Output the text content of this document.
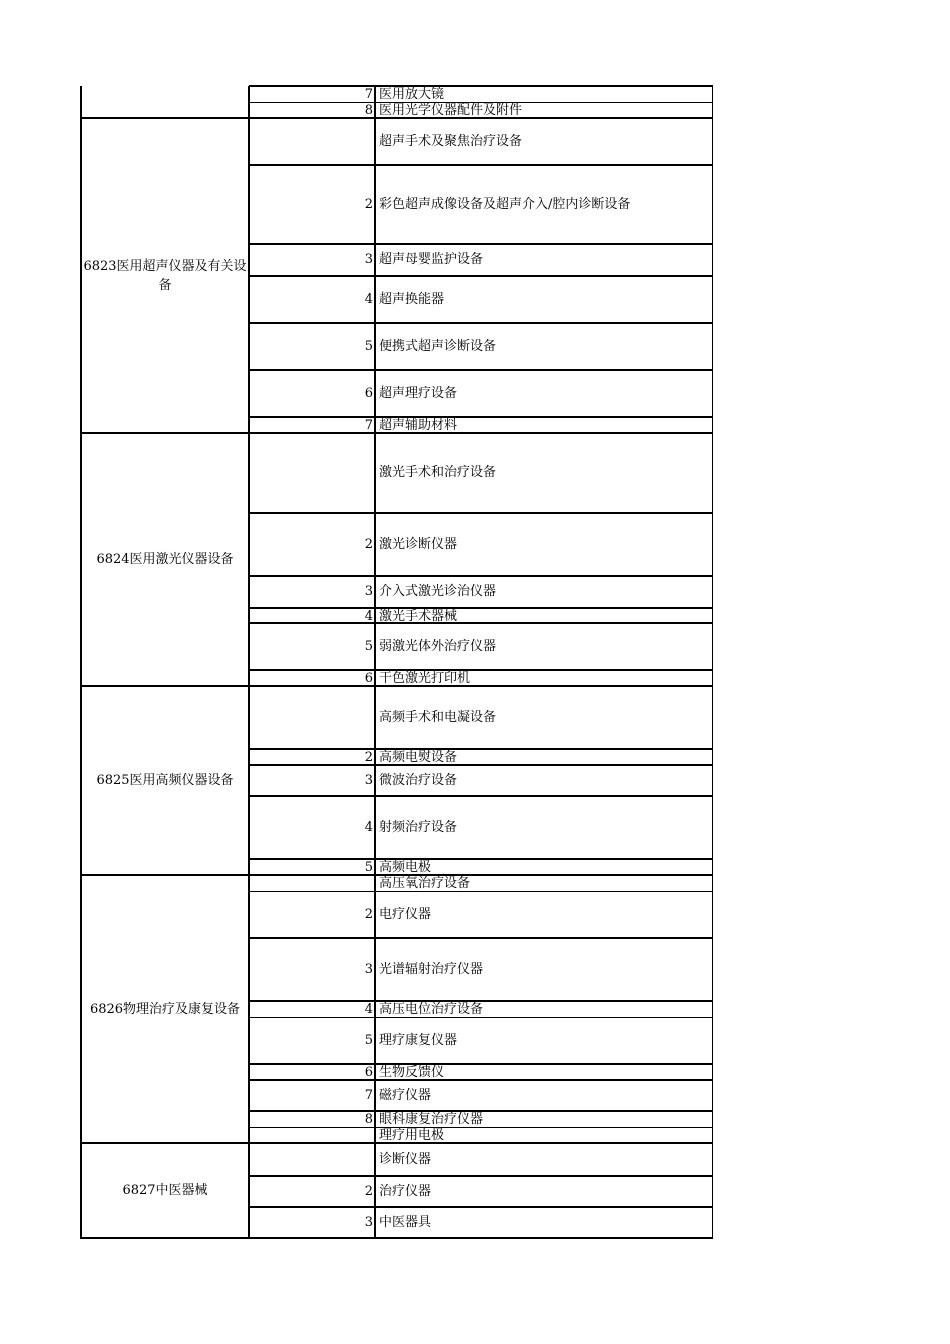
7 医用放大镜
8 医用光学仪器配件及附件
6823医用超声仪器及有关设备
超声手术及聚焦治疗设备
2 彩色超声成像设备及超声介入/腔内诊断设备
3 超声母婴监护设备
4 超声换能器
5 便携式超声诊断设备
6 超声理疗设备
7 超声辅助材料
6824医用激光仪器设备
激光手术和治疗设备
2 激光诊断仪器
3 介入式激光诊治仪器
4 激光手术器械
5 弱激光体外治疗仪器
6 干色激光打印机
6825医用高频仪器设备
高频手术和电凝设备
2 高频电熨设备
3 微波治疗设备
4 射频治疗设备
5 高频电极
6826物理治疗及康复设备
高压氧治疗设备
2 电疗仪器
3 光谱辐射治疗仪器
4 高压电位治疗设备
5 理疗康复仪器
6 生物反馈仪
7 磁疗仪器
8 眼科康复治疗仪器
理疗用电极
6827中医器械
诊断仪器
2 治疗仪器
3 中医器具
